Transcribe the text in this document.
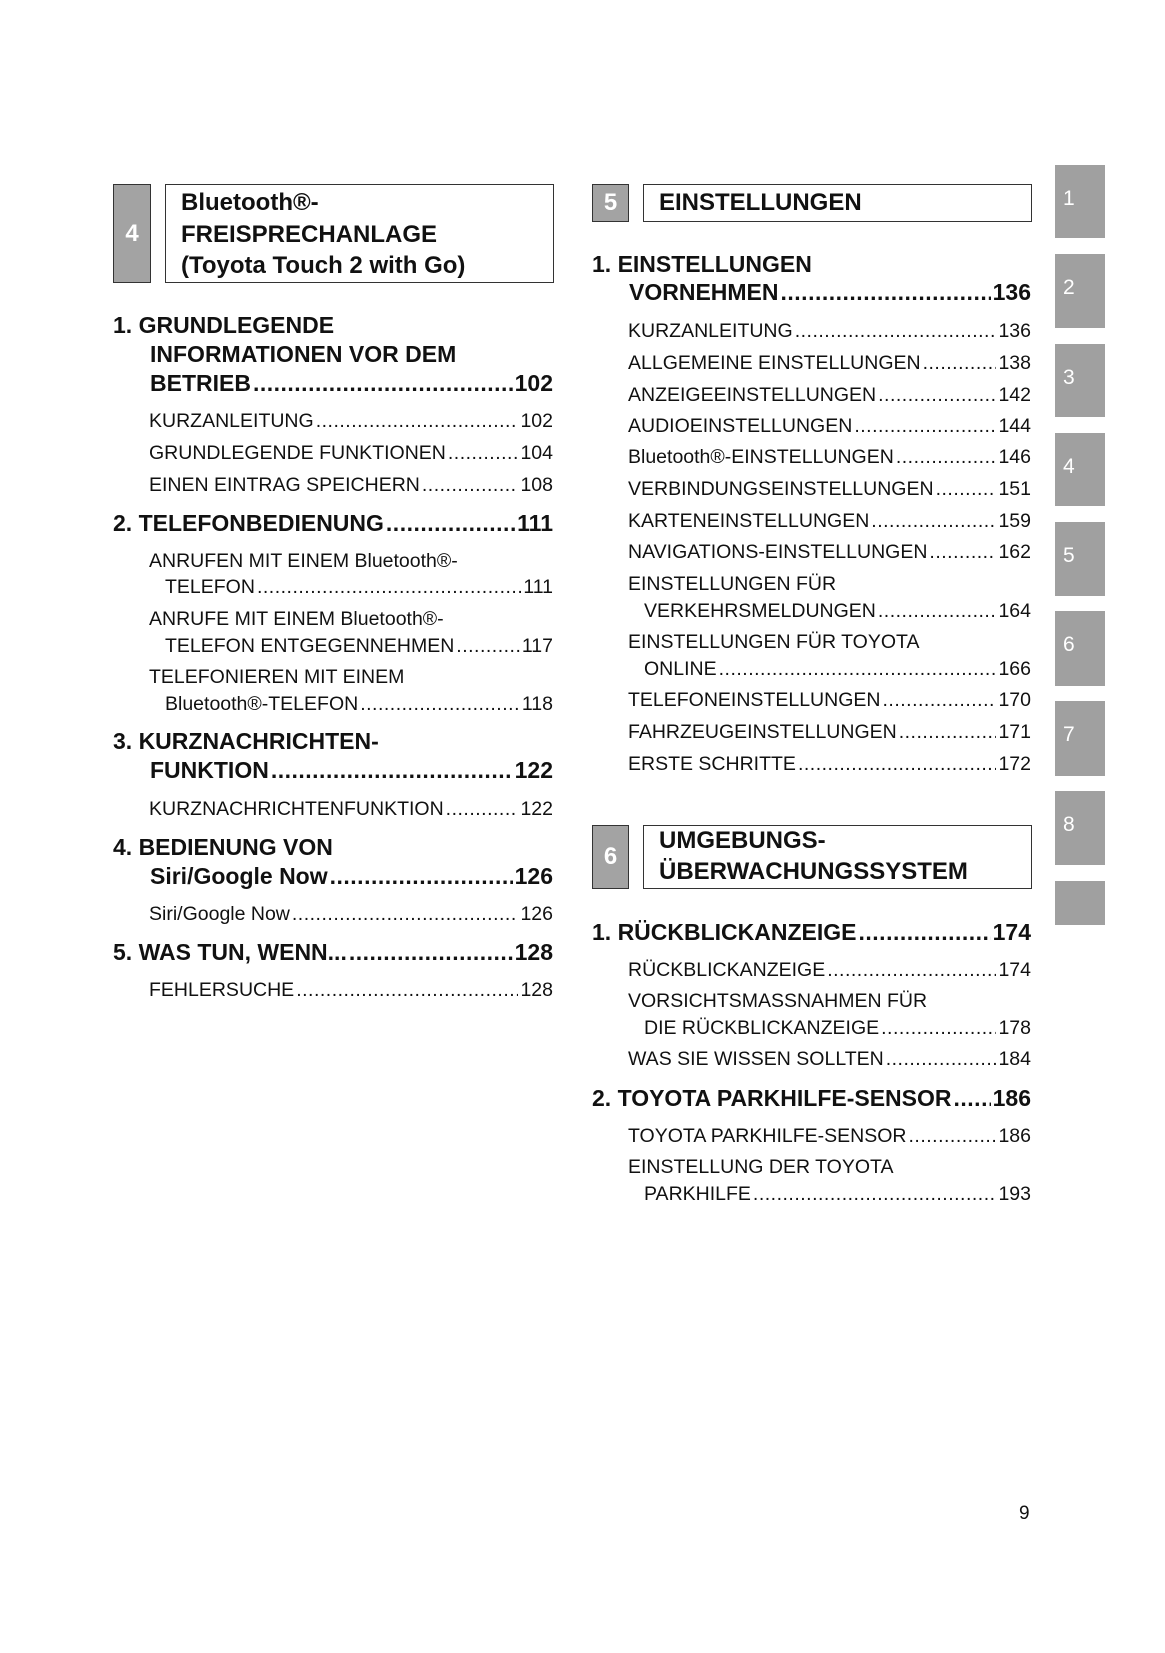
4
Bluetooth®-
FREISPRECHANLAGE
(Toyota Touch 2 with Go)
5 EINSTELLUNGEN
6
UMGEBUNGS-
ÜBERWACHUNGSSYSTEM
1. GRUNDLEGENDE
INFORMATIONEN VOR DEM
BETRIEB .....	102
KURZANLEITUNG .....	102
GRUNDLEGENDE FUNKTIONEN .....	104
EINEN EINTRAG SPEICHERN .....	108
2. TELEFONBEDIENUNG .....	111
ANRUFEN MIT EINEM Bluetooth®-
TELEFON .....	111
ANRUFE MIT EINEM Bluetooth®-
TELEFON ENTGEGENNEHMEN .....	117
TELEFONIEREN MIT EINEM
Bluetooth®-TELEFON .....	118
3. KURZNACHRICHTEN-
FUNKTION .....	122
KURZNACHRICHTENFUNKTION .....	122
4. BEDIENUNG VON
Siri/Google Now .....	126
Siri/Google Now .....	126
5. WAS TUN, WENN... .....	128
FEHLERSUCHE .....	128
1. EINSTELLUNGEN
VORNEHMEN .....	136
KURZANLEITUNG .....	136
ALLGEMEINE EINSTELLUNGEN .....	138
ANZEIGEEINSTELLUNGEN .....	142
AUDIOEINSTELLUNGEN .....	144
Bluetooth®-EINSTELLUNGEN .....	146
VERBINDUNGSEINSTELLUNGEN .....	151
KARTENEINSTELLUNGEN .....	159
NAVIGATIONS-EINSTELLUNGEN .....	162
EINSTELLUNGEN FÜR
VERKEHRSMELDUNGEN .....	164
EINSTELLUNGEN FÜR TOYOTA
ONLINE .....	166
TELEFONEINSTELLUNGEN .....	170
FAHRZEUGEINSTELLUNGEN .....	171
ERSTE SCHRITTE .....	172
1. RÜCKBLICKANZEIGE .....	174
RÜCKBLICKANZEIGE .....	174
VORSICHTSMASSNAHMEN FÜR
DIE RÜCKBLICKANZEIGE .....	178
WAS SIE WISSEN SOLLTEN .....	184
2. TOYOTA PARKHILFE-SENSOR ..... 186
TOYOTA PARKHILFE-SENSOR .....	186
EINSTELLUNG DER TOYOTA
PARKHILFE .....	193
1
2
3
4
5
6
7
8
9
